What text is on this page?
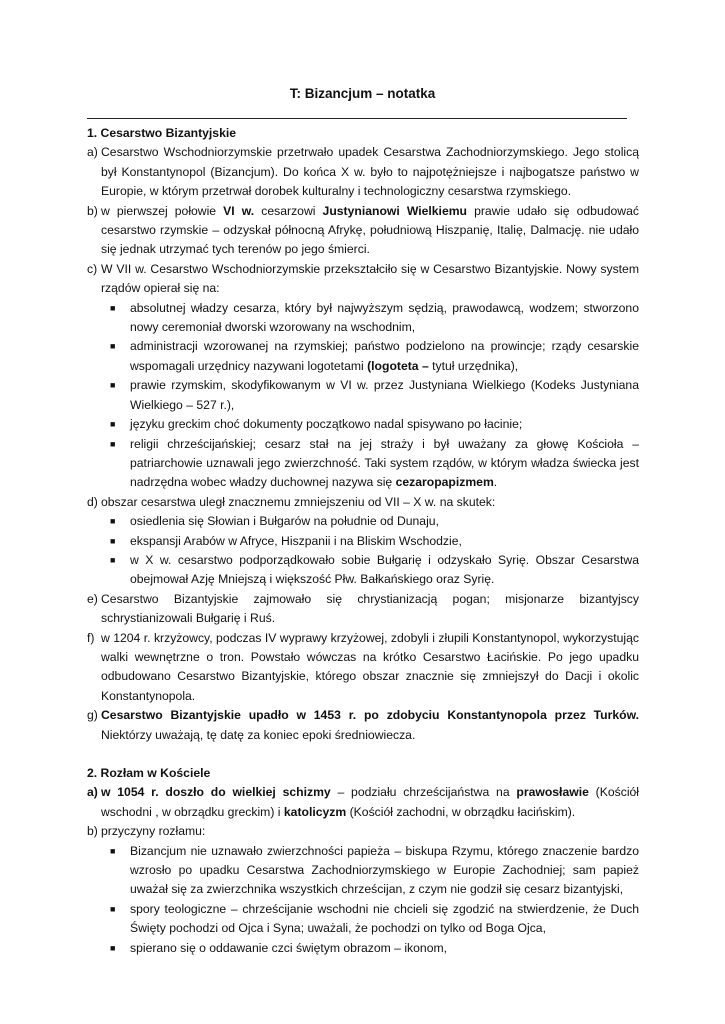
T: Bizancjum – notatka

1. Cesarstwo Bizantyjskie

a) Cesarstwo Wschodniorzymskie przetrwało upadek Cesarstwa Zachodniorzymskiego. Jego stolicą był Konstantynopol (Bizancjum). Do końca X w. było to najpotężniejsze i najbogatsze państwo w Europie, w którym przetrwał dorobek kulturalny i technologiczny cesarstwa rzymskiego.

b) w pierwszej połowie VI w. cesarzowi Justynianowi Wielkiemu prawie udało się odbudować cesarstwo rzymskie – odzyskał północną Afrykę, południową Hiszpanię, Italię, Dalmację. nie udało się jednak utrzymać tych terenów po jego śmierci.

c) W VII w. Cesarstwo Wschodniorzymskie przekształciło się w Cesarstwo Bizantyjskie. Nowy system rządów opierał się na:

■ absolutnej władzy cesarza, który był najwyższym sędzią, prawodawcą, wodzem; stworzono nowy ceremoniał dworski wzorowany na wschodnim,

■ administracji wzorowanej na rzymskiej; państwo podzielono na prowincje; rządy cesarskie wspomagali urzędnicy nazywani logotetami (logoteta – tytuł urzędnika),

■ prawie rzymskim, skodyfikowanym w VI w. przez Justyniana Wielkiego (Kodeks Justyniana Wielkiego – 527 r.),

■ języku greckim choć dokumenty początkowo nadal spisywano po łacinie;

■ religii chrześcijańskiej; cesarz stał na jej straży i był uważany za głowę Kościoła – patriarchowie uznawali jego zwierzchność. Taki system rządów, w którym władza świecka jest nadrzędna wobec władzy duchownej nazywa się cezaropapizmem.

d) obszar cesarstwa uległ znacznemu zmniejszeniu od VII – X w. na skutek:

■ osiedlenia się Słowian i Bułgarów na południe od Dunaju,

■ ekspansji Arabów w Afryce, Hiszpanii i na Bliskim Wschodzie,

■ w X w. cesarstwo podporządkowało sobie Bułgarię i odzyskało Syrię. Obszar Cesarstwa obejmował Azję Mniejszą i większość Płw. Bałkańskiego oraz Syrię.

e) Cesarstwo Bizantyjskie zajmowało się chrystianizacją pogan; misjonarze bizantyjscy schrystianizowali Bułgarię i Ruś.

f) w 1204 r. krzyżowcy, podczas IV wyprawy krzyżowej, zdobyli i złupili Konstantynopol, wykorzystując walki wewnętrzne o tron. Powstało wówczas na krótko Cesarstwo Łacińskie. Po jego upadku odbudowano Cesarstwo Bizantyjskie, którego obszar znacznie się zmniejszył do Dacji i okolic Konstantynopola.

g) Cesarstwo Bizantyjskie upadło w 1453 r. po zdobyciu Konstantynopola przez Turków. Niektórzy uważają, tę datę za koniec epoki średniowiecza.

2. Rozłam w Kościele

a) w 1054 r. doszło do wielkiej schizmy – podziału chrześcijaństwa na prawosławie (Kościół wschodni , w obrządku greckim) i katolicyzm (Kościół zachodni, w obrządku łacińskim).

b) przyczyny rozłamu:

■ Bizancjum nie uznawało zwierzchności papieża – biskupa Rzymu, którego znaczenie bardzo wzrosło po upadku Cesarstwa Zachodniorzymskiego w Europie Zachodniej; sam papież uważał się za zwierzchnika wszystkich chrześcijan, z czym nie godził się cesarz bizantyjski,

■ spory teologiczne – chrześcijanie wschodni nie chcieli się zgodzić na stwierdzenie, że Duch Święty pochodzi od Ojca i Syna; uważali, że pochodzi on tylko od Boga Ojca,

■ spierano się o oddawanie czci świętym obrazom – ikonom,
